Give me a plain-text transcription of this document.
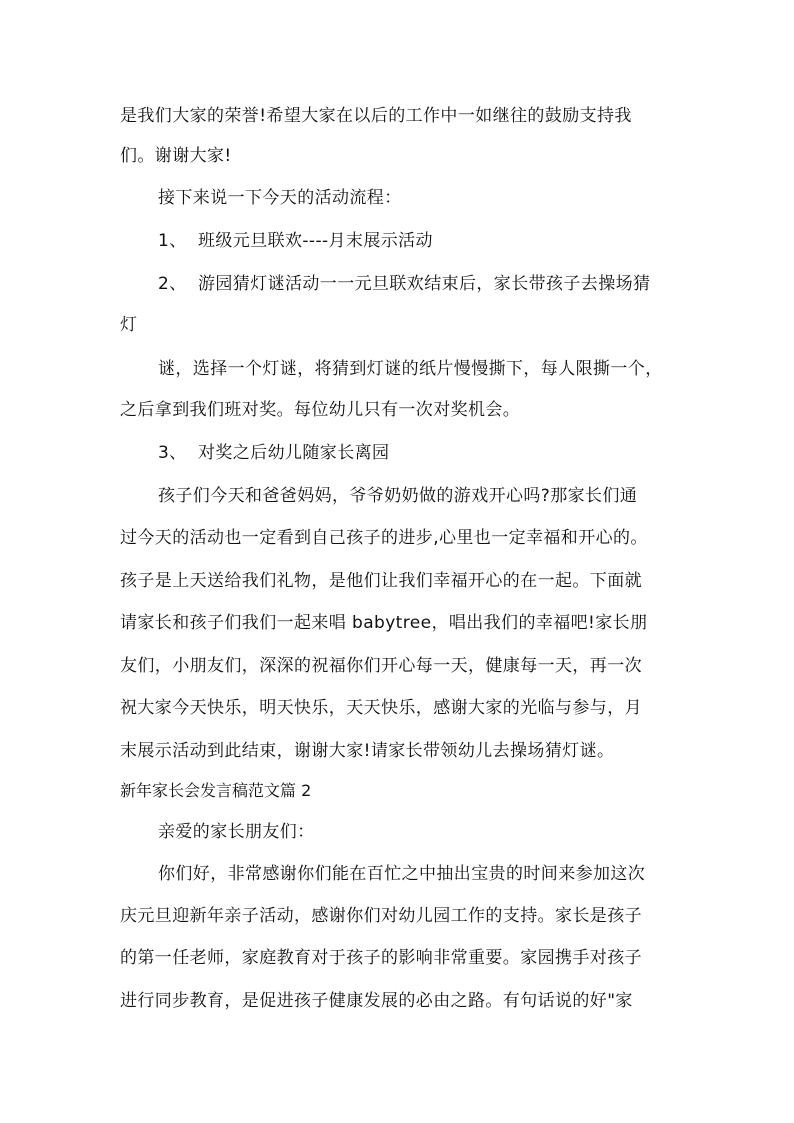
是我们大家的荣誉!希望大家在以后的工作中一如继往的鼓励支持我
们。谢谢大家!
接下来说一下今天的活动流程：
1、 班级元旦联欢----月末展示活动
2、 游园猜灯谜活动一一元旦联欢结束后，家长带孩子去操场猜
灯
谜，选择一个灯谜，将猜到灯谜的纸片慢慢撕下，每人限撕一个，
之后拿到我们班对奖。每位幼儿只有一次对奖机会。
3、 对奖之后幼儿随家长离园
孩子们今天和爸爸妈妈，爷爷奶奶做的游戏开心吗?那家长们通
过今天的活动也一定看到自己孩子的进步,心里也一定幸福和开心的。
孩子是上天送给我们礼物，是他们让我们幸福开心的在一起。下面就
请家长和孩子们我们一起来唱 babytree，唱出我们的幸福吧!家长朋
友们，小朋友们，深深的祝福你们开心每一天，健康每一天，再一次
祝大家今天快乐，明天快乐，天天快乐，感谢大家的光临与参与，月
末展示活动到此结束，谢谢大家!请家长带领幼儿去操场猜灯谜。
新年家长会发言稿范文篇 2
亲爱的家长朋友们：
你们好，非常感谢你们能在百忙之中抽出宝贵的时间来参加这次
庆元旦迎新年亲子活动，感谢你们对幼儿园工作的支持。家长是孩子
的第一任老师，家庭教育对于孩子的影响非常重要。家园携手对孩子
进行同步教育，是促进孩子健康发展的必由之路。有句话说的好"家
